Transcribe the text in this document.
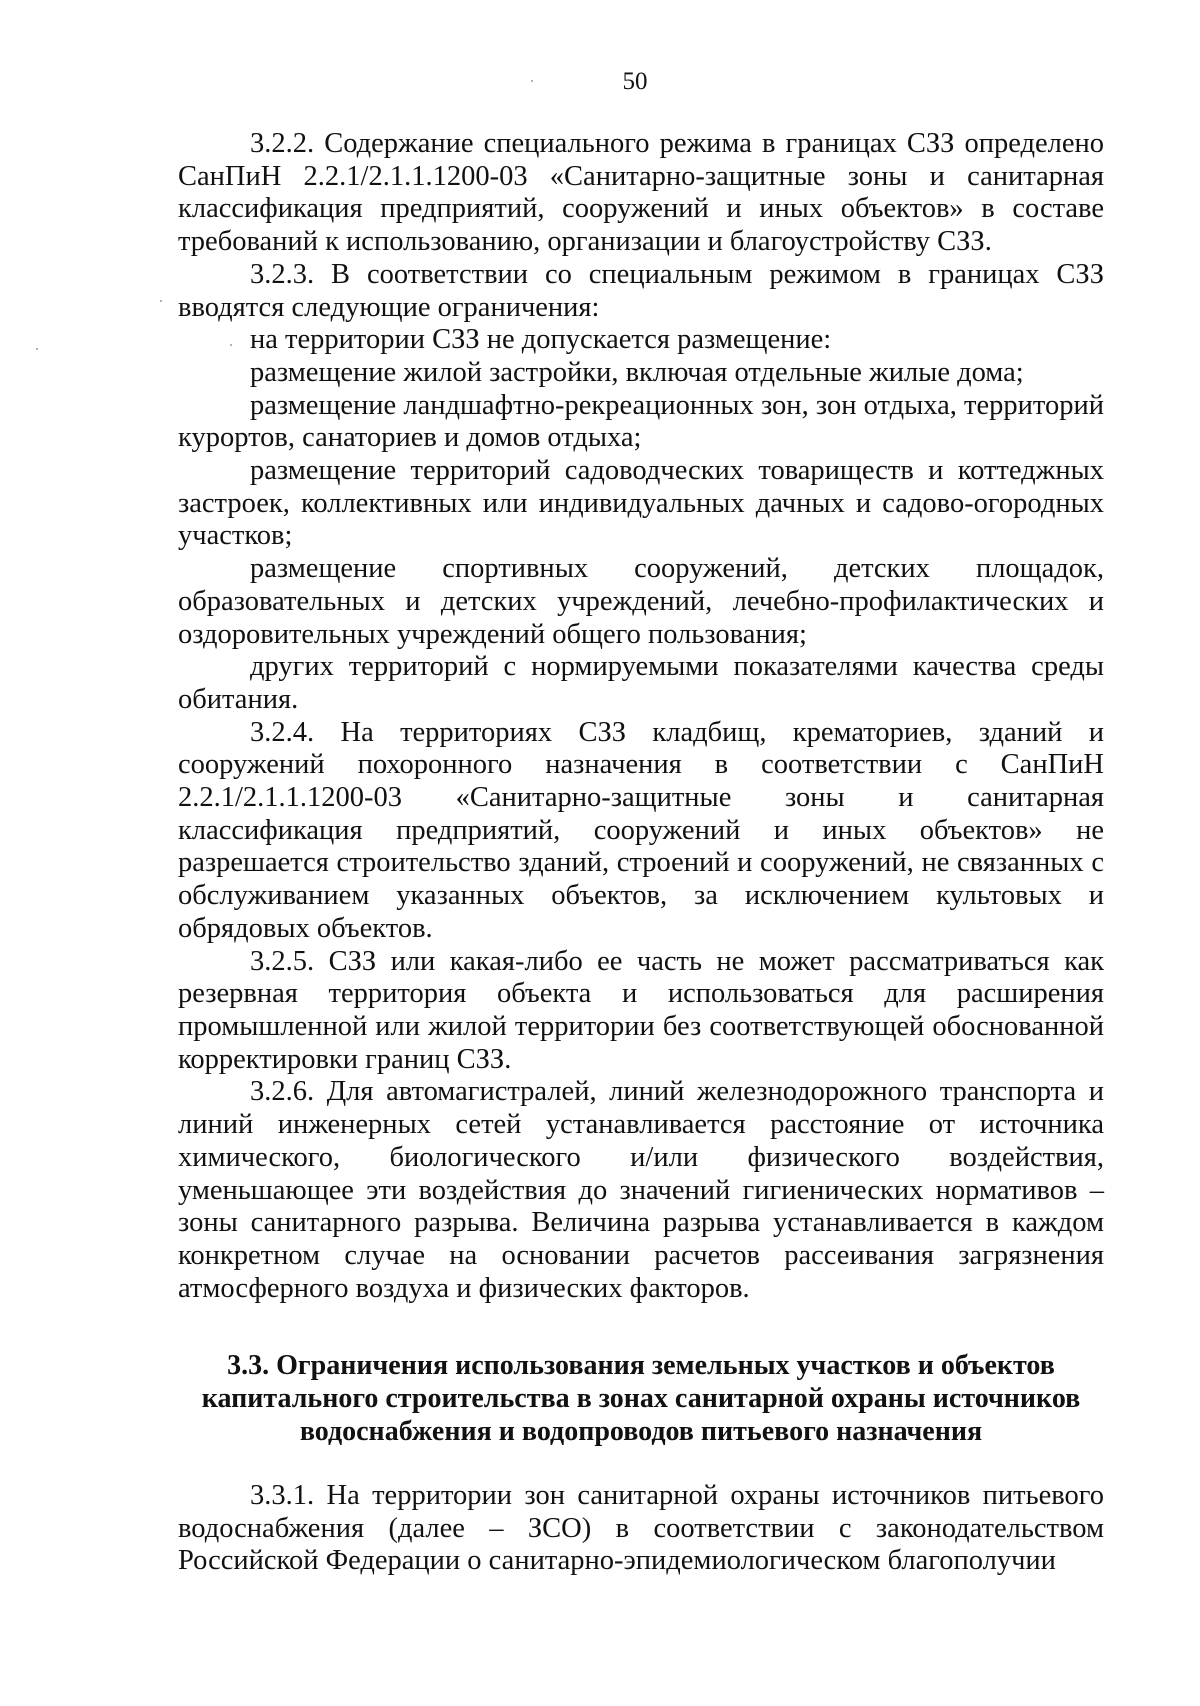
50

3.2.2. Содержание специального режима в границах СЗЗ определено СанПиН 2.2.1/2.1.1.1200-03 «Санитарно-защитные зоны и санитарная классификация предприятий, сооружений и иных объектов» в составе требований к использованию, организации и благоустройству СЗЗ.

3.2.3. В соответствии со специальным режимом в границах СЗЗ вводятся следующие ограничения:

на территории СЗЗ не допускается размещение:

размещение жилой застройки, включая отдельные жилые дома;

размещение ландшафтно-рекреационных зон, зон отдыха, территорий курортов, санаториев и домов отдыха;

размещение территорий садоводческих товариществ и коттеджных застроек, коллективных или индивидуальных дачных и садово-огородных участков;

размещение спортивных сооружений, детских площадок, образовательных и детских учреждений, лечебно-профилактических и оздоровительных учреждений общего пользования;

других территорий с нормируемыми показателями качества среды обитания.

3.2.4. На территориях СЗЗ кладбищ, крематориев, зданий и сооружений похоронного назначения в соответствии с СанПиН 2.2.1/2.1.1.1200-03 «Санитарно-защитные зоны и санитарная классификация предприятий, сооружений и иных объектов» не разрешается строительство зданий, строений и сооружений, не связанных с обслуживанием указанных объектов, за исключением культовых и обрядовых объектов.

3.2.5. СЗЗ или какая-либо ее часть не может рассматриваться как резервная территория объекта и использоваться для расширения промышленной или жилой территории без соответствующей обоснованной корректировки границ СЗЗ.

3.2.6. Для автомагистралей, линий железнодорожного транспорта и линий инженерных сетей устанавливается расстояние от источника химического, биологического и/или физического воздействия, уменьшающее эти воздействия до значений гигиенических нормативов – зоны санитарного разрыва. Величина разрыва устанавливается в каждом конкретном случае на основании расчетов рассеивания загрязнения атмосферного воздуха и физических факторов.

3.3. Ограничения использования земельных участков и объектов
капитального строительства в зонах санитарной охраны источников
водоснабжения и водопроводов питьевого назначения

3.3.1. На территории зон санитарной охраны источников питьевого водоснабжения (далее – ЗСО) в соответствии с законодательством Российской Федерации о санитарно-эпидемиологическом благополучии
